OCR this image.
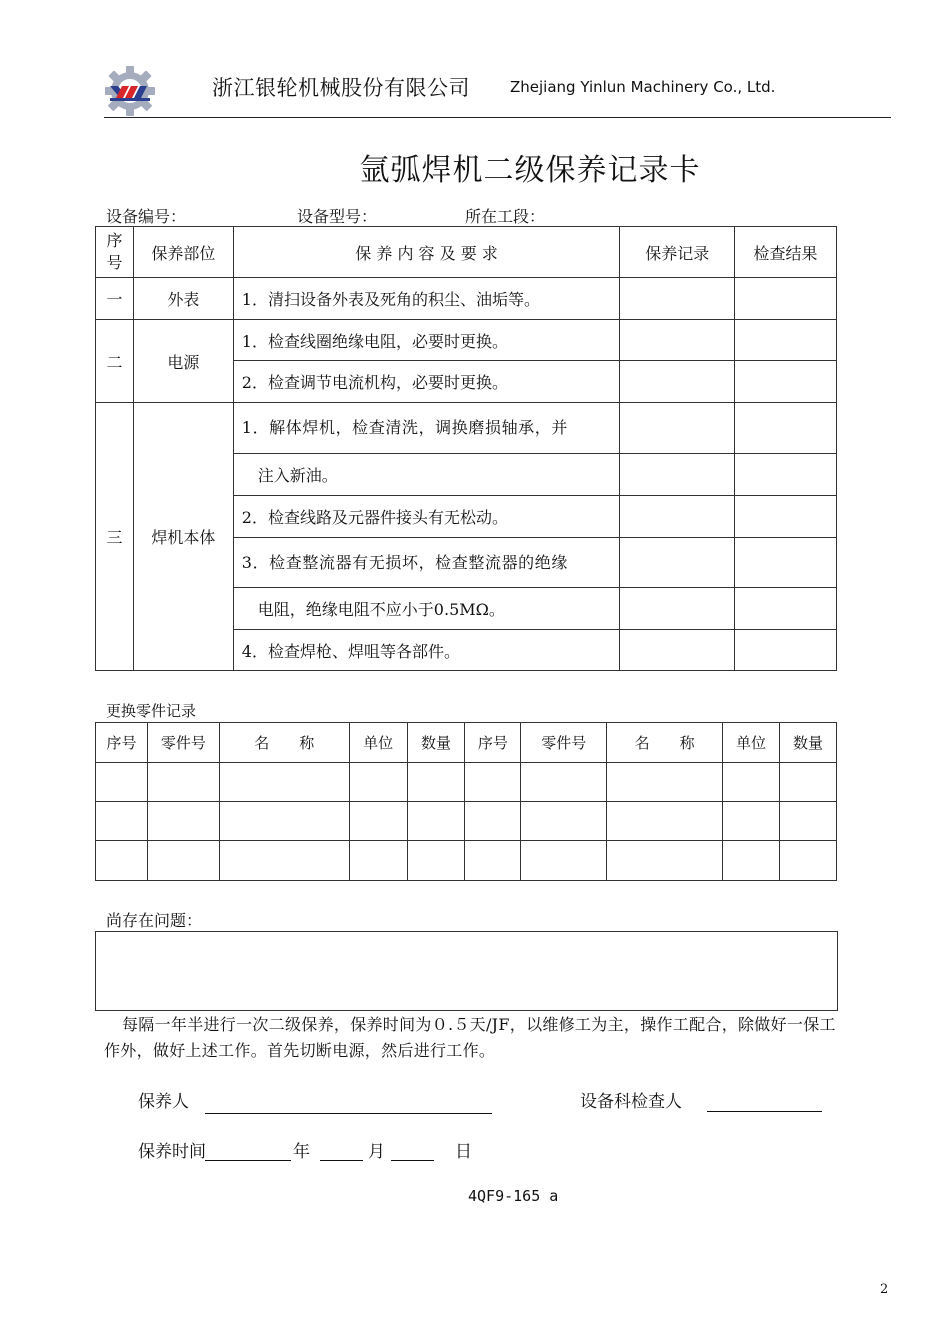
浙江银轮机械股份有限公司	Zhejiang Yinlun Machinery Co., Ltd.
氩弧焊机二级保养记录卡
设备编号：	设备型号：	所在工段：
序号	保养部位	保 养 内 容 及 要 求	保养记录	检查结果
一	外表	1．清扫设备外表及死角的积尘、油垢等。		
二	电源	1．检查线圈绝缘电阻，必要时更换。		
		2．检查调节电流机构，必要时更换。		
三	焊机本体	1．解体焊机，检查清洗，调换磨损轴承，并		
		注入新油。		
		2．检查线路及元器件接头有无松动。		
		3．检查整流器有无损坏，检查整流器的绝缘		
		电阻，绝缘电阻不应小于0.5MΩ。		
		4．检查焊枪、焊咀等各部件。		
更换零件记录
序号	零件号	名　　称	单位	数量	序号	零件号	名　　称	单位	数量

尚存在问题：
每隔一年半进行一次二级保养，保养时间为０.５天/JF，以维修工为主，操作工配合，除做好一保工作外，做好上述工作。首先切断电源，然后进行工作。
保养人	设备科检查人
保养时间	年	月	日
4QF9-165 a
2
